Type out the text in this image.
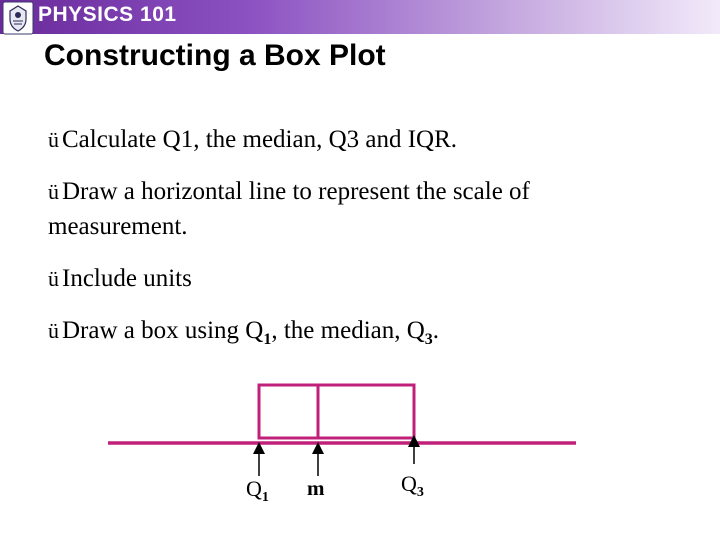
PHYSICS 101
Constructing a Box Plot
ü Calculate Q1, the median, Q3 and IQR.
ü Draw a horizontal line to represent the scale of measurement.
ü Include units
ü Draw a box using $Q_1$, the median, $Q_3$.
$Q_1$ m	$Q_3$
